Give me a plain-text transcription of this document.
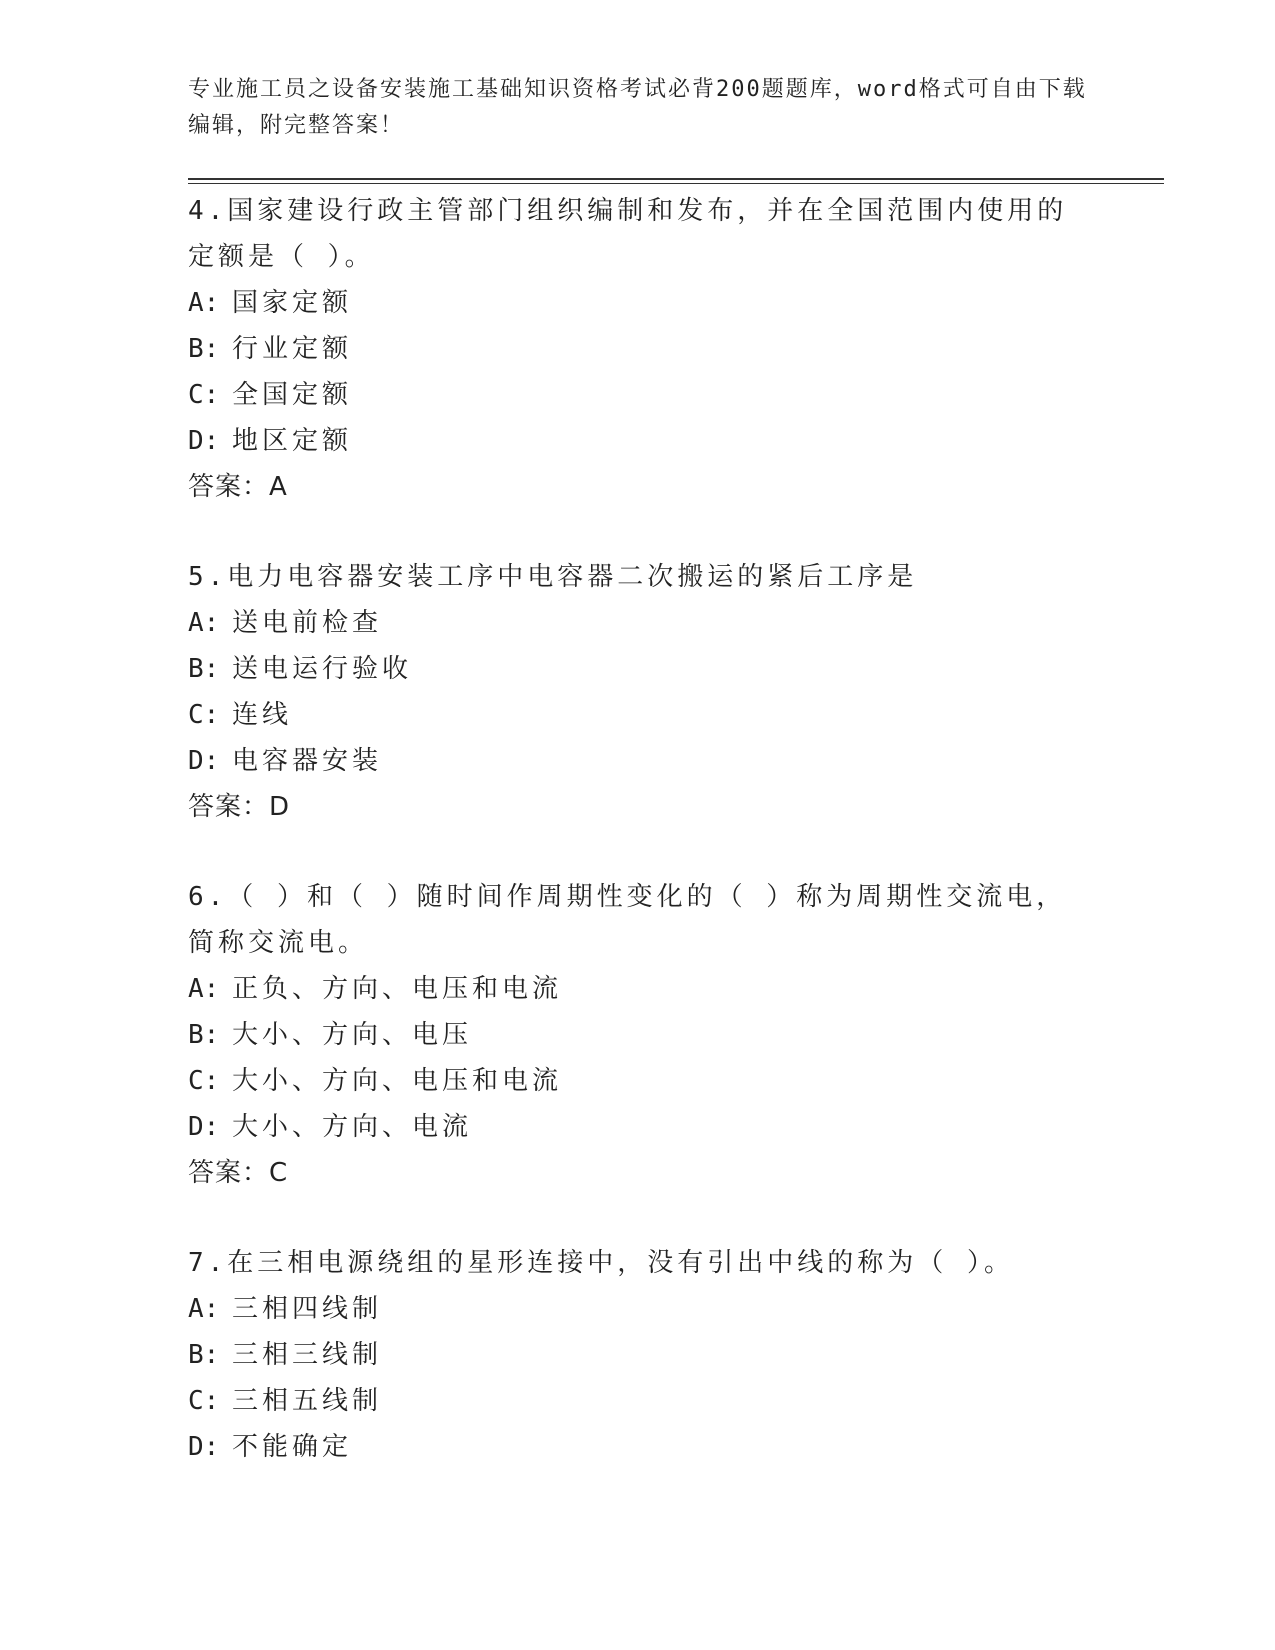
专业施工员之设备安装施工基础知识资格考试必背200题题库，word格式可自由下载编辑，附完整答案！

4.国家建设行政主管部门组织编制和发布，并在全国范围内使用的定额是（ ）。

A: 国家定额
B: 行业定额
C: 全国定额
D: 地区定额
答案：A

5.电力电容器安装工序中电容器二次搬运的紧后工序是

A: 送电前检查
B: 送电运行验收
C: 连线
D: 电容器安装
答案：D

6.（ ）和（ ）随时间作周期性变化的（ ）称为周期性交流电，简称交流电。

A: 正负、方向、电压和电流
B: 大小、方向、电压
C: 大小、方向、电压和电流
D: 大小、方向、电流
答案：C

7.在三相电源绕组的星形连接中，没有引出中线的称为（ ）。

A: 三相四线制
B: 三相三线制
C: 三相五线制
D: 不能确定
